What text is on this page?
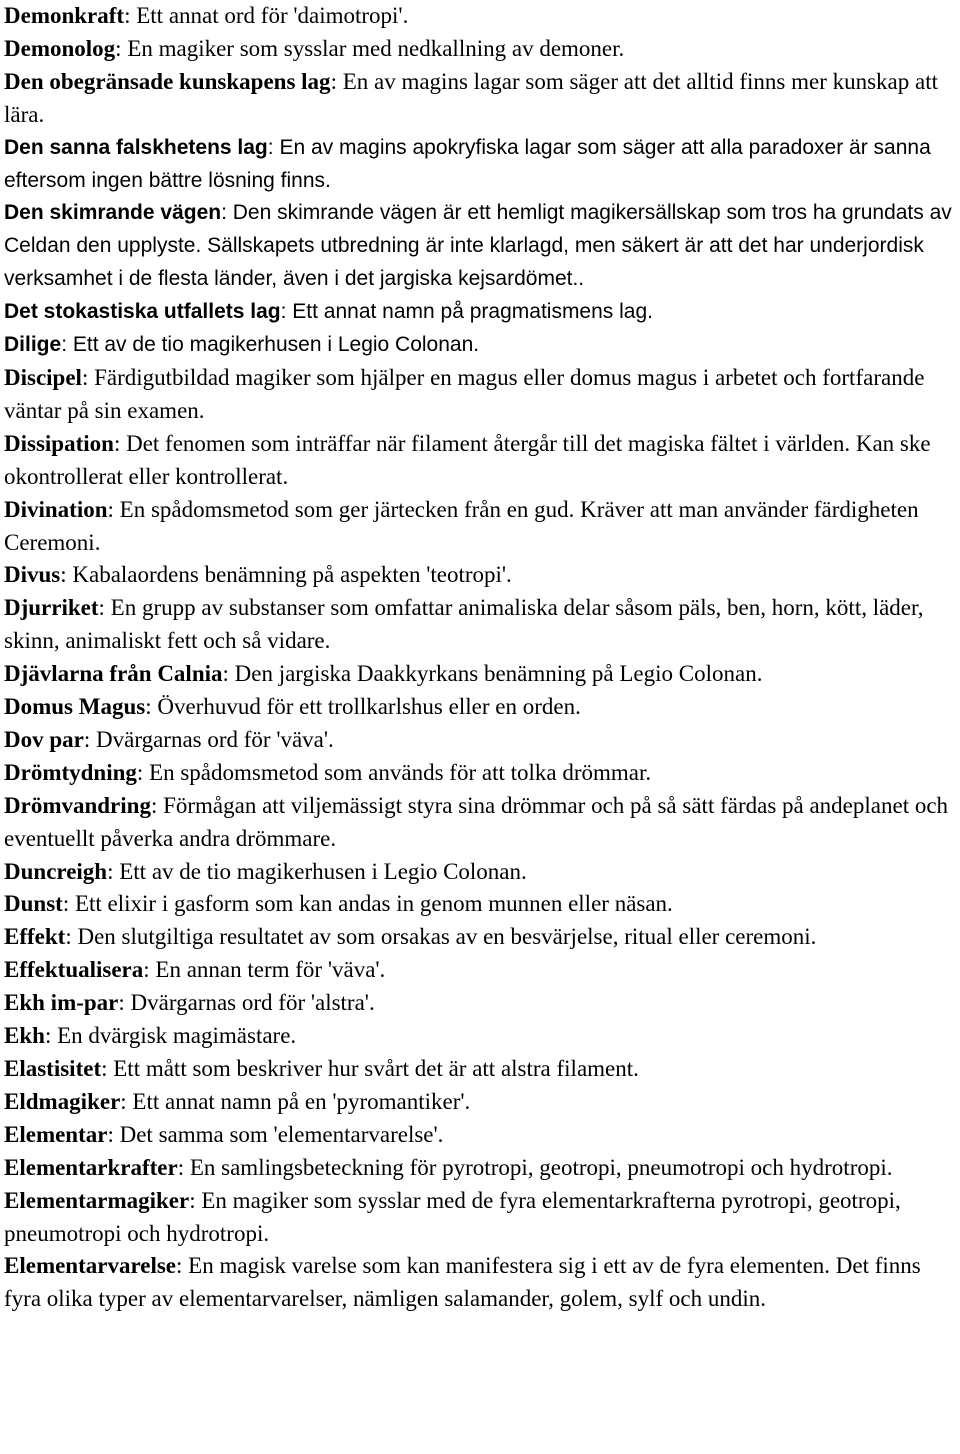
Demonkraft: Ett annat ord för 'daimotropi'.

Demonolog: En magiker som sysslar med nedkallning av demoner.

Den obegränsade kunskapens lag: En av magins lagar som säger att det alltid finns mer kunskap att lära.

Den sanna falskhetens lag: En av magins apokryfiska lagar som säger att alla paradoxer är sanna eftersom ingen bättre lösning finns.

Den skimrande vägen: Den skimrande vägen är ett hemligt magikersällskap som tros ha grundats av Celdan den upplyste. Sällskapets utbredning är inte klarlagd, men säkert är att det har underjordisk verksamhet i de flesta länder, även i det jargiska kejsardömet..

Det stokastiska utfallets lag: Ett annat namn på pragmatismens lag.

Dilige: Ett av de tio magikerhusen i Legio Colonan.

Discipel: Färdigutbildad magiker som hjälper en magus eller domus magus i arbetet och fortfarande väntar på sin examen.

Dissipation: Det fenomen som inträffar när filament återgår till det magiska fältet i världen. Kan ske okontrollerat eller kontrollerat.

Divination: En spådomsmetod som ger järtecken från en gud. Kräver att man använder färdigheten Ceremoni.

Divus: Kabalaordens benämning på aspekten 'teotropi'.

Djurriket: En grupp av substanser som omfattar animaliska delar såsom päls, ben, horn, kött, läder, skinn, animaliskt fett och så vidare.

Djävlarna från Calnia: Den jargiska Daakkyrkans benämning på Legio Colonan.

Domus Magus: Överhuvud för ett trollkarlshus eller en orden.

Dov par: Dvärgarnas ord för 'väva'.

Drömtydning: En spådomsmetod som används för att tolka drömmar.

Drömvandring: Förmågan att viljemässigt styra sina drömmar och på så sätt färdas på andeplanet och eventuellt påverka andra drömmare.

Duncreigh: Ett av de tio magikerhusen i Legio Colonan.

Dunst: Ett elixir i gasform som kan andas in genom munnen eller näsan.

Effekt: Den slutgiltiga resultatet av som orsakas av en besvärjelse, ritual eller ceremoni.

Effektualisera: En annan term för 'väva'.

Ekh im-par: Dvärgarnas ord för 'alstra'.

Ekh: En dvärgisk magimästare.

Elastisitet: Ett mått som beskriver hur svårt det är att alstra filament.

Eldmagiker: Ett annat namn på en 'pyromantiker'.

Elementar: Det samma som 'elementarvarelse'.

Elementarkrafter: En samlingsbeteckning för pyrotropi, geotropi, pneumotropi och hydrotropi.

Elementarmagiker: En magiker som sysslar med de fyra elementarkrafterna pyrotropi, geotropi, pneumotropi och hydrotropi.

Elementarvarelse: En magisk varelse som kan manifestera sig i ett av de fyra elementen. Det finns fyra olika typer av elementarvarelser, nämligen salamander, golem, sylf och undin.
